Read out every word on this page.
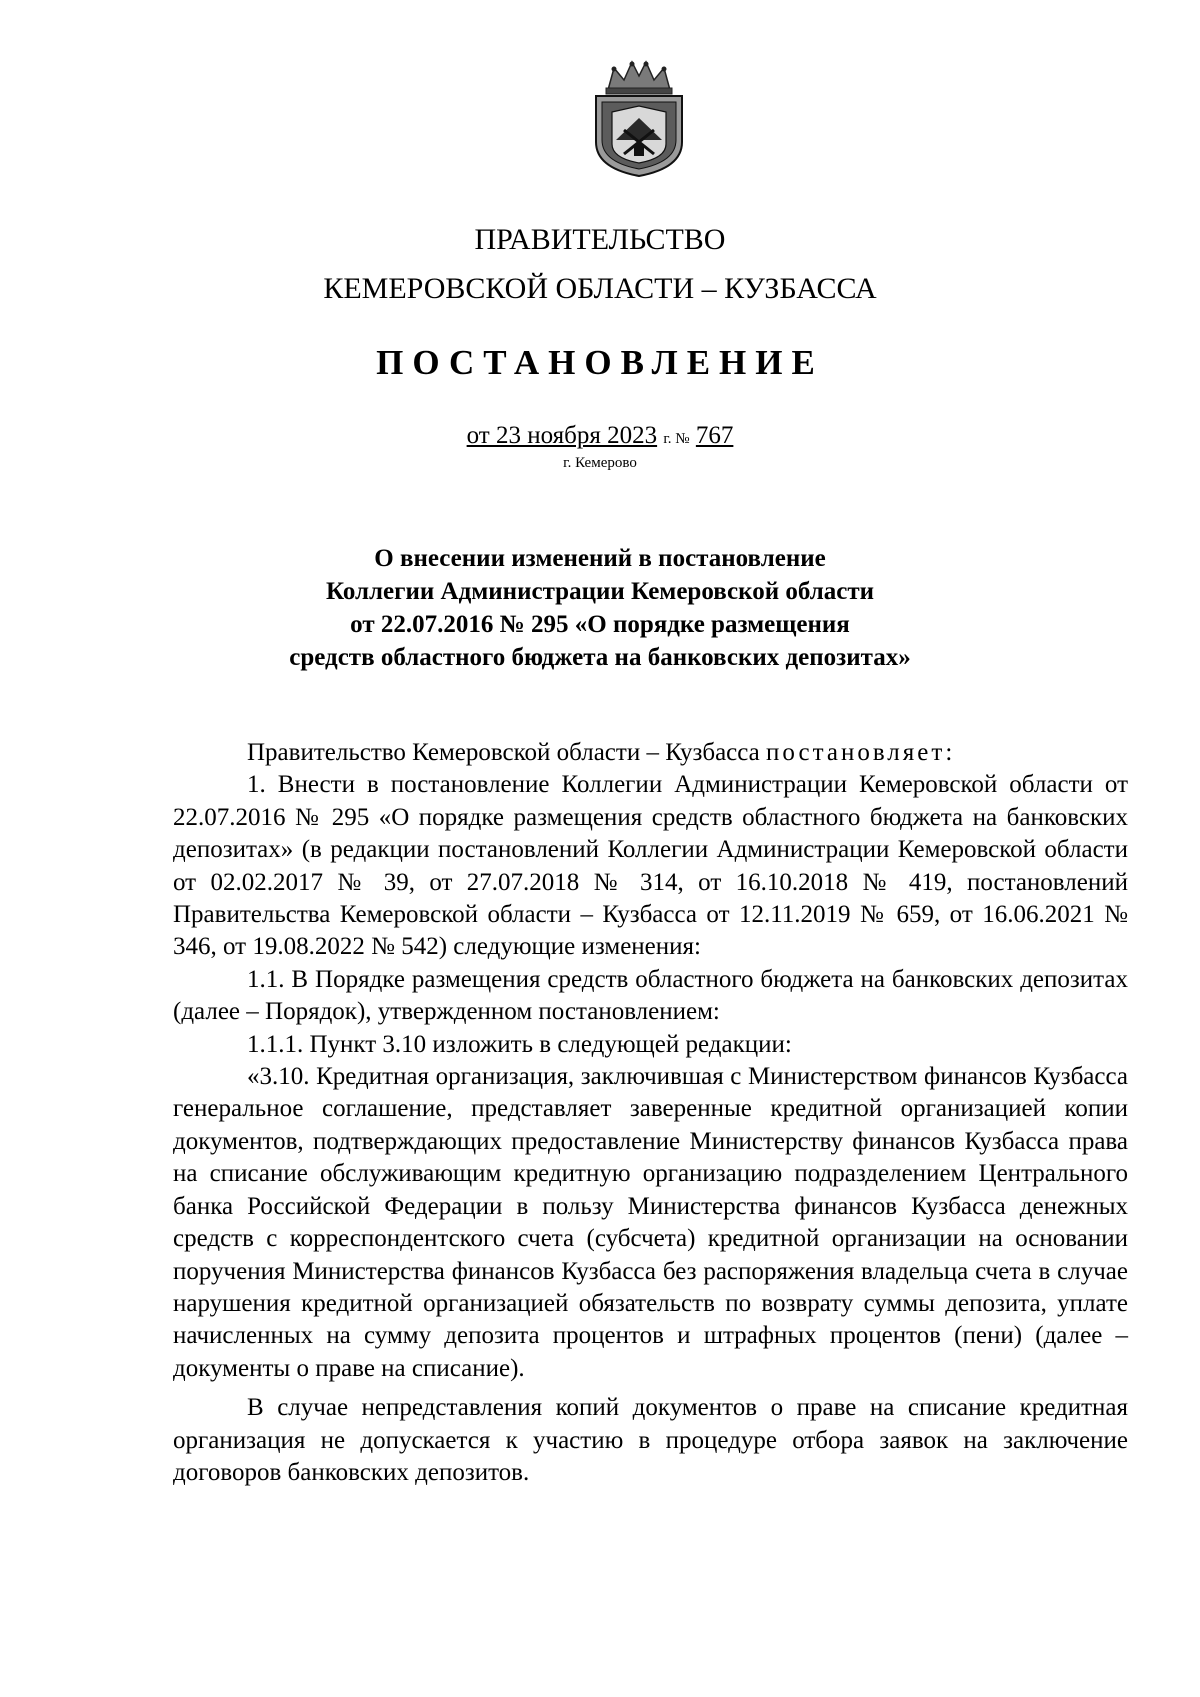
ПРАВИТЕЛЬСТВО
КЕМЕРОВСКОЙ ОБЛАСТИ – КУЗБАССА
ПОСТАНОВЛЕНИЕ
от 23 ноября 2023 г. № 767
г. Кемерово
О внесении изменений в постановление
Коллегии Администрации Кемеровской области
от 22.07.2016 № 295 «О порядке размещения
средств областного бюджета на банковских депозитах»

Правительство Кемеровской области – Кузбасса постановляет:

1. Внести в постановление Коллегии Администрации Кемеровской области от 22.07.2016 № 295 «О порядке размещения средств областного бюджета на банковских депозитах» (в редакции постановлений Коллегии Администрации Кемеровской области от 02.02.2017 № 39, от 27.07.2018 № 314, от 16.10.2018 № 419, постановлений Правительства Кемеровской области – Кузбасса от 12.11.2019 № 659, от 16.06.2021 № 346, от 19.08.2022 № 542) следующие изменения:

1.1. В Порядке размещения средств областного бюджета на банковских депозитах (далее – Порядок), утвержденном постановлением:

1.1.1. Пункт 3.10 изложить в следующей редакции:

«3.10. Кредитная организация, заключившая с Министерством финансов Кузбасса генеральное соглашение, представляет заверенные кредитной организацией копии документов, подтверждающих предоставление Министерству финансов Кузбасса права на списание обслуживающим кредитную организацию подразделением Центрального банка Российской Федерации в пользу Министерства финансов Кузбасса денежных средств с корреспондентского счета (субсчета) кредитной организации на основании поручения Министерства финансов Кузбасса без распоряжения владельца счета в случае нарушения кредитной организацией обязательств по возврату суммы депозита, уплате начисленных на сумму депозита процентов и штрафных процентов (пени) (далее – документы о праве на списание).

В случае непредставления копий документов о праве на списание кредитная организация не допускается к участию в процедуре отбора заявок на заключение договоров банковских депозитов.
